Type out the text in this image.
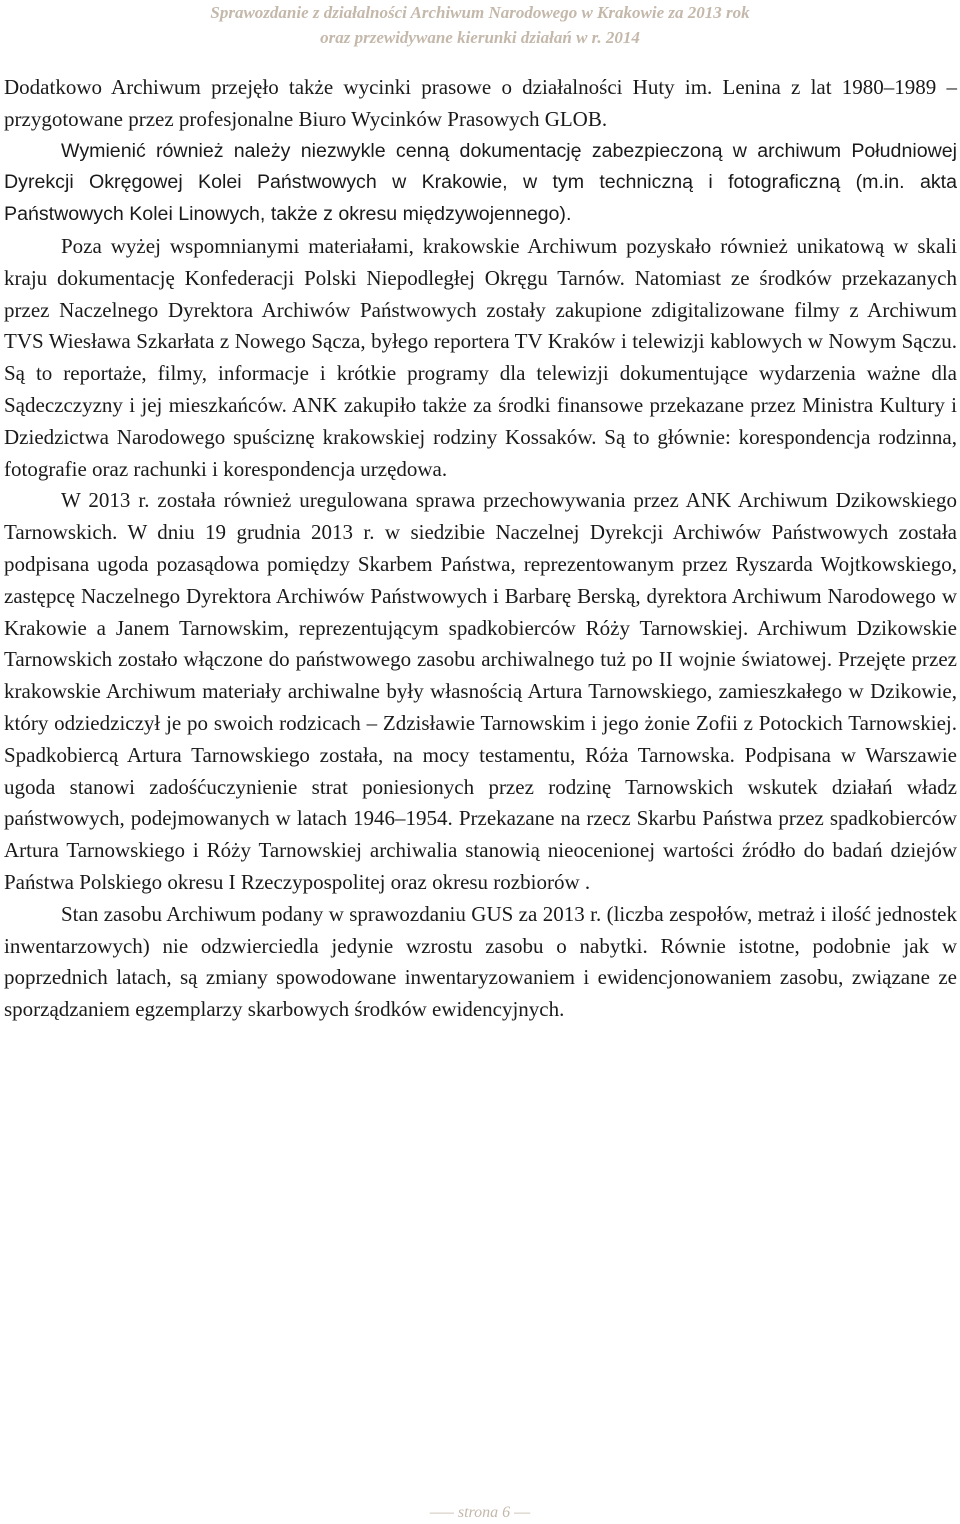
Sprawozdanie z działalności Archiwum Narodowego w Krakowie za 2013 rok
oraz przewidywane kierunki działań w r. 2014

Dodatkowo Archiwum przejęło także wycinki prasowe o działalności Huty im. Lenina z lat 1980–1989 – przygotowane przez profesjonalne Biuro Wycinków Prasowych GLOB.

Wymienić również należy niezwykle cenną dokumentację zabezpieczoną w archiwum Południowej Dyrekcji Okręgowej Kolei Państwowych w Krakowie, w tym techniczną i fotograficzną (m.in. akta Państwowych Kolei Linowych, także z okresu międzywojennego).

Poza wyżej wspomnianymi materiałami, krakowskie Archiwum pozyskało również unikatową w skali kraju dokumentację Konfederacji Polski Niepodległej Okręgu Tarnów. Natomiast ze środków przekazanych przez Naczelnego Dyrektora Archiwów Państwowych zostały zakupione zdigitalizowane filmy z Archiwum TVS Wiesława Szkarłata z Nowego Sącza, byłego reportera TV Kraków i telewizji kablowych w Nowym Sączu. Są to reportaże, filmy, informacje i krótkie programy dla telewizji dokumentujące wydarzenia ważne dla Sądeczczyzny i jej mieszkańców. ANK zakupiło także za środki finansowe przekazane przez Ministra Kultury i Dziedzictwa Narodowego spuściznę krakowskiej rodziny Kossaków. Są to głównie: korespondencja rodzinna, fotografie oraz rachunki i korespondencja urzędowa.

W 2013 r. została również uregulowana sprawa przechowywania przez ANK Archiwum Dzikowskiego Tarnowskich. W dniu 19 grudnia 2013 r. w siedzibie Naczelnej Dyrekcji Archiwów Państwowych została podpisana ugoda pozasądowa pomiędzy Skarbem Państwa, reprezentowanym przez Ryszarda Wojtkowskiego, zastępcę Naczelnego Dyrektora Archiwów Państwowych i Barbarę Berską, dyrektora Archiwum Narodowego w Krakowie a Janem Tarnowskim, reprezentującym spadkobierców Róży Tarnowskiej. Archiwum Dzikowskie Tarnowskich zostało włączone do państwowego zasobu archiwalnego tuż po II wojnie światowej. Przejęte przez krakowskie Archiwum materiały archiwalne były własnością Artura Tarnowskiego, zamieszkałego w Dzikowie, który odziedziczył je po swoich rodzicach – Zdzisławie Tarnowskim i jego żonie Zofii z Potockich Tarnowskiej. Spadkobiercą Artura Tarnowskiego została, na mocy testamentu, Róża Tarnowska. Podpisana w Warszawie ugoda stanowi zadośćuczynienie strat poniesionych przez rodzinę Tarnowskich wskutek działań władz państwowych, podejmowanych w latach 1946–1954. Przekazane na rzecz Skarbu Państwa przez spadkobierców Artura Tarnowskiego i Róży Tarnowskiej archiwalia stanowią nieocenionej wartości źródło do badań dziejów Państwa Polskiego okresu I Rzeczypospolitej oraz okresu rozbiorów .

Stan zasobu Archiwum podany w sprawozdaniu GUS za 2013 r. (liczba zespołów, metraż i ilość jednostek inwentarzowych) nie odzwierciedla jedynie wzrostu zasobu o nabytki. Równie istotne, podobnie jak w poprzednich latach, są zmiany spowodowane inwentaryzowaniem i ewidencjonowaniem zasobu, związane ze sporządzaniem egzemplarzy skarbowych środków ewidencyjnych.

––– strona 6 ––
